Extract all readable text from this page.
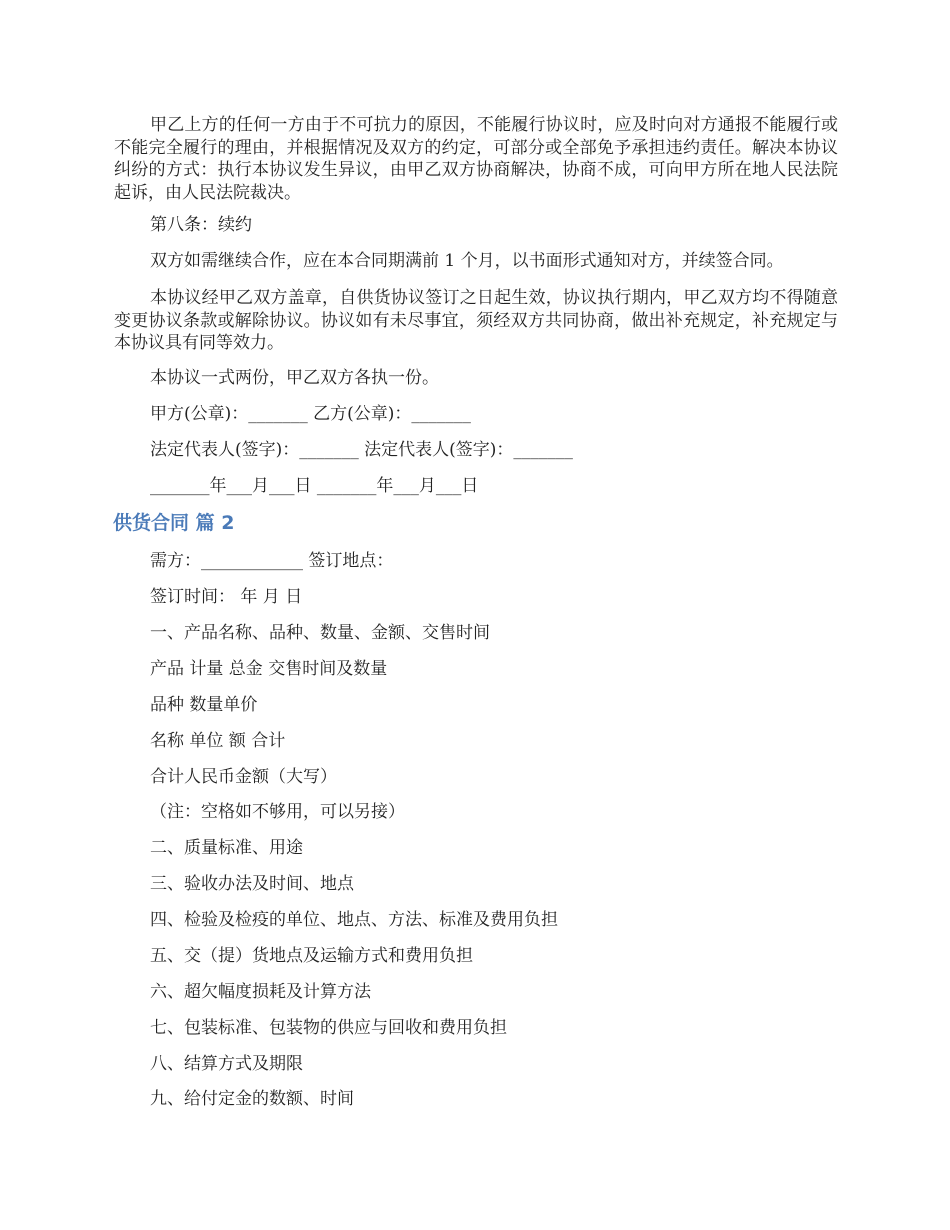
甲乙上方的任何一方由于不可抗力的原因，不能履行协议时，应及时向对方通报不能履行或不能完全履行的理由，并根据情况及双方的约定，可部分或全部免予承担违约责任。解决本协议纠纷的方式：执行本协议发生异议，由甲乙双方协商解决，协商不成，可向甲方所在地人民法院起诉，由人民法院裁决。

第八条：续约
双方如需继续合作，应在本合同期满前 1 个月，以书面形式通知对方，并续签合同。

本协议经甲乙双方盖章，自供货协议签订之日起生效，协议执行期内，甲乙双方均不得随意变更协议条款或解除协议。协议如有未尽事宜，须经双方共同协商，做出补充规定，补充规定与本协议具有同等效力。

本协议一式两份，甲乙双方各执一份。
甲方(公章)：_______ 乙方(公章)：_______
法定代表人(签字)：_______ 法定代表人(签字)：_______
_______年___月___日 _______年___月___日
供货合同 篇 2
需方：____________ 签订地点：
签订时间： 年 月 日
一、产品名称、品种、数量、金额、交售时间
产品 计量 总金 交售时间及数量
品种 数量单价
名称 单位 额 合计
合计人民币金额（大写）
（注：空格如不够用，可以另接）
二、质量标准、用途
三、验收办法及时间、地点
四、检验及检疫的单位、地点、方法、标准及费用负担
五、交（提）货地点及运输方式和费用负担
六、超欠幅度损耗及计算方法
七、包装标准、包装物的供应与回收和费用负担
八、结算方式及期限
九、给付定金的数额、时间
